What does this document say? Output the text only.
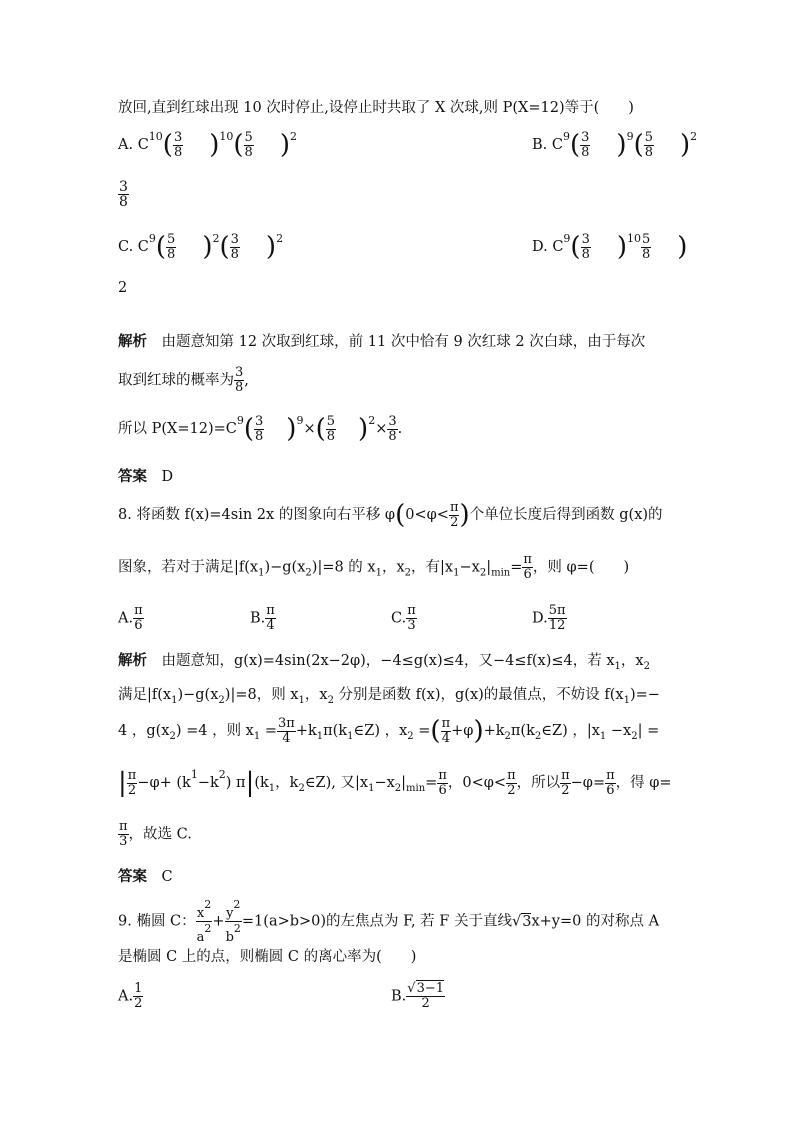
放回,直到红球出现 10 次时停止,设停止时共取了 X 次球,则 P(X=12)等于(　　)
A. $C^{10}( \frac{3}{8} )^{10}( \frac{5}{8} )^2$
B. $C^9( \frac{3}{8} )^9( \frac{5}{8} )^2$
$\frac{3}{8}$
C. $C^9( \frac{5}{8} )^2( \frac{3}{8} )^2$
D. $C^9( \frac{3}{8} )^{10} \frac{5}{8}$ )
2
解析　 由题意知第 12 次取到红球，前 11 次中恰有 9 次红球 2 次白球，由于每次
取到红球的概率为 $\frac{3}{8}$ ,
所以 $P(X=12)=C^9( \frac{3}{8} )^9\times( \frac{5}{8} )^2\times \frac{3}{8}$ .
答案　 D
8. 将函数 f(x)=4sin 2x 的图象向右平移 $\varphi(0<\varphi< \frac{\pi}{2}$ )个单位长度后得到函数 g(x)的
图象，若对于满足$|f(x_1)-g(x_2)|=8$ 的 $x_1$，$x_2$，有$|x_1-x_2|_{min}= \frac{\pi}{6}$ ，则 φ=(　　)
A. $\frac{\pi}{6}$	B. $\frac{\pi}{4}$	C. $\frac{\pi}{3}$	D. $\frac{5\pi}{12}$
解析　 由题意知，g(x)=4sin(2x−2φ)，−4≤g(x)≤4，又−4≤f(x)≤4，若 $x_1$，$x_2$
满足$|f(x_1)-g(x_2)|=8$，则 $x_1$，$x_2$ 分别是函数 f(x)，g(x)的最值点，不妨设 $f(x_1)=-$
4 ，$g(x_2) =4$ ，则 $x_1 = \frac{3\pi}{4}$ $+k_1\pi(k_1\in Z)$ ，$x_2$ =( $\frac{\pi}{4}$ $+\varphi)+k_2\pi(k_2\in Z)$ ，$|x_1 -x_2|$ =
| $\frac{\pi}{2} -\varphi+ (k^1-k^2)$ $\pi|(k_1$，$k_2\in Z$), 又$|x_1-x_2|_{min}= \frac{\pi}{6}$ ，$0<\varphi< \frac{\pi}{2}$ ，所以 $\frac{\pi}{2} -\varphi= \frac{\pi}{6}$ ，得 φ=
$\frac{\pi}{3}$ ，故选 C.
答案　 C
9. 椭圆 C： $\frac{x^2}{a^2} + \frac{y^2}{b^2} =1(a>b>0)$的左焦点为 F, 若 F 关于直线√3x+y=0 的对称点 A
是椭圆 C 上的点，则椭圆 C 的离心率为(　　)
A. $\frac{1}{2}$	B. $\frac{√3-1}{2}$
